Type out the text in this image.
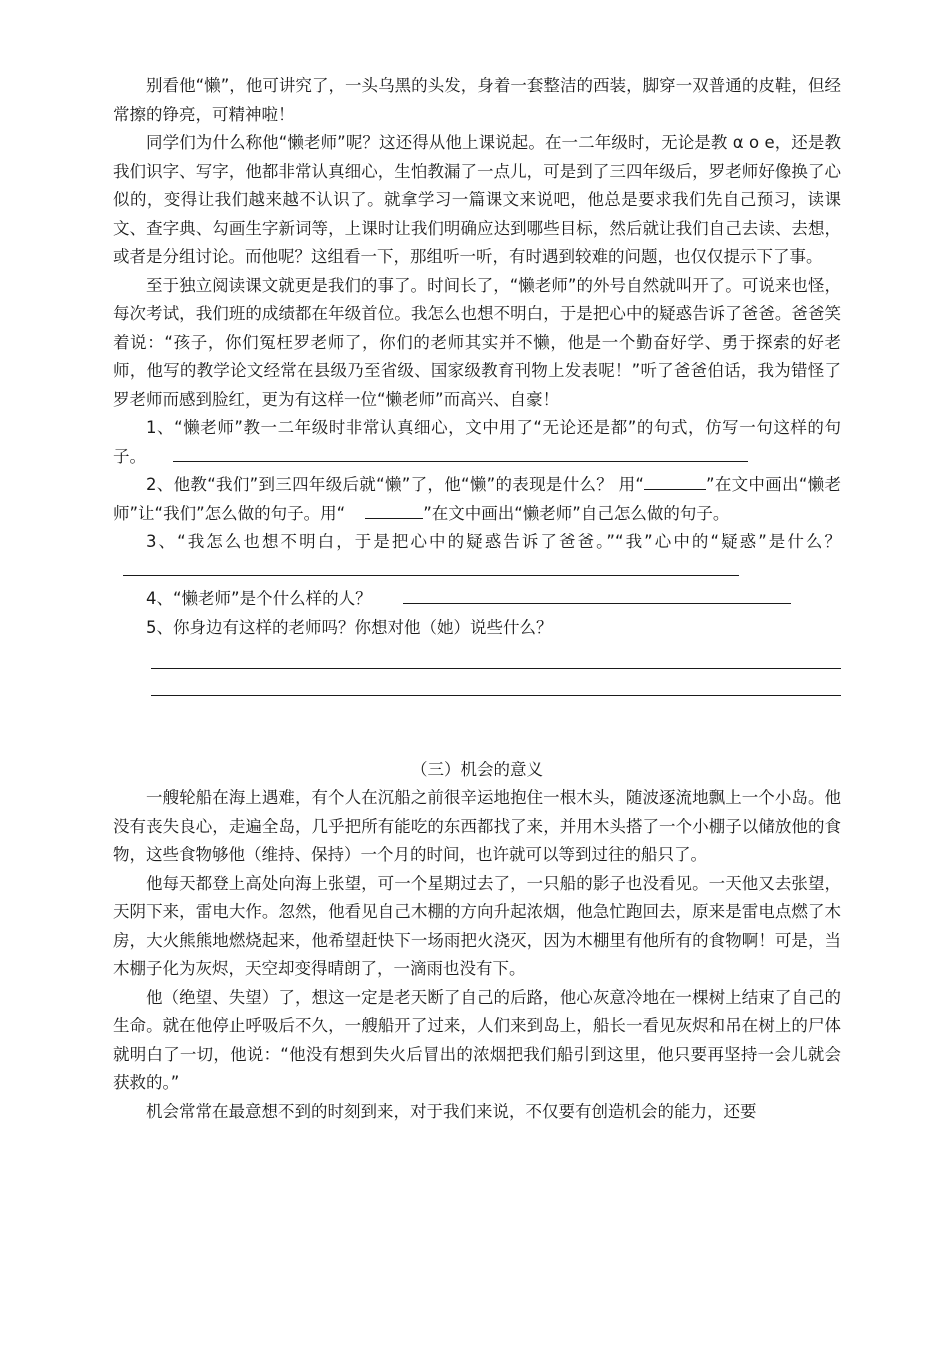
别看他“懒”，他可讲究了，一头乌黑的头发，身着一套整洁的西装，脚穿一双普通的皮鞋，但经常擦的铮亮，可精神啦！

同学们为什么称他“懒老师”呢？这还得从他上课说起。在一二年级时，无论是教 α o e，还是教我们识字、写字，他都非常认真细心，生怕教漏了一点儿，可是到了三四年级后，罗老师好像换了心似的，变得让我们越来越不认识了。就拿学习一篇课文来说吧，他总是要求我们先自己预习，读课文、查字典、勾画生字新词等，上课时让我们明确应达到哪些目标，然后就让我们自己去读、去想，或者是分组讨论。而他呢？这组看一下，那组听一听，有时遇到较难的问题，也仅仅提示下了事。

至于独立阅读课文就更是我们的事了。时间长了，“懒老师”的外号自然就叫开了。可说来也怪，每次考试，我们班的成绩都在年级首位。我怎么也想不明白，于是把心中的疑惑告诉了爸爸。爸爸笑着说：“孩子，你们冤枉罗老师了，你们的老师其实并不懒，他是一个勤奋好学、勇于探索的好老师，他写的教学论文经常在县级乃至省级、国家级教育刊物上发表呢！”听了爸爸伯话，我为错怪了罗老师而感到脸红，更为有这样一位“懒老师”而高兴、自豪！

1、“懒老师”教一二年级时非常认真细心，文中用了“无论还是都”的句式，仿写一句这样的句子。
2、他教“我们”到三四年级后就“懒”了，他“懒”的表现是什么？ 用“	”在文中画出“懒老师”让“我们”怎么做的句子。用“	”在文中画出“懒老师”自己怎么做的句子。
3、“我怎么也想不明白，于是把心中的疑惑告诉了爸爸。”“我”心中的“疑惑”是什么？
4、“懒老师”是个什么样的人？
5、你身边有这样的老师吗？你想对他（她）说些什么？
（三）机会的意义

一艘轮船在海上遇难，有个人在沉船之前很辛运地抱住一根木头，随波逐流地飘上一个小岛。他没有丧失良心，走遍全岛，几乎把所有能吃的东西都找了来，并用木头搭了一个小棚子以储放他的食物，这些食物够他（维持、保持）一个月的时间，也许就可以等到过往的船只了。

他每天都登上高处向海上张望，可一个星期过去了，一只船的影子也没看见。一天他又去张望，天阴下来，雷电大作。忽然，他看见自己木棚的方向升起浓烟，他急忙跑回去，原来是雷电点燃了木房，大火熊熊地燃烧起来，他希望赶快下一场雨把火浇灭，因为木棚里有他所有的食物啊！可是，当木棚子化为灰烬，天空却变得晴朗了，一滴雨也没有下。

他（绝望、失望）了，想这一定是老天断了自己的后路，他心灰意冷地在一棵树上结束了自己的生命。就在他停止呼吸后不久，一艘船开了过来，人们来到岛上，船长一看见灰烬和吊在树上的尸体就明白了一切，他说：“他没有想到失火后冒出的浓烟把我们船引到这里，他只要再坚持一会儿就会获救的。”

机会常常在最意想不到的时刻到来，对于我们来说，不仅要有创造机会的能力，还要
